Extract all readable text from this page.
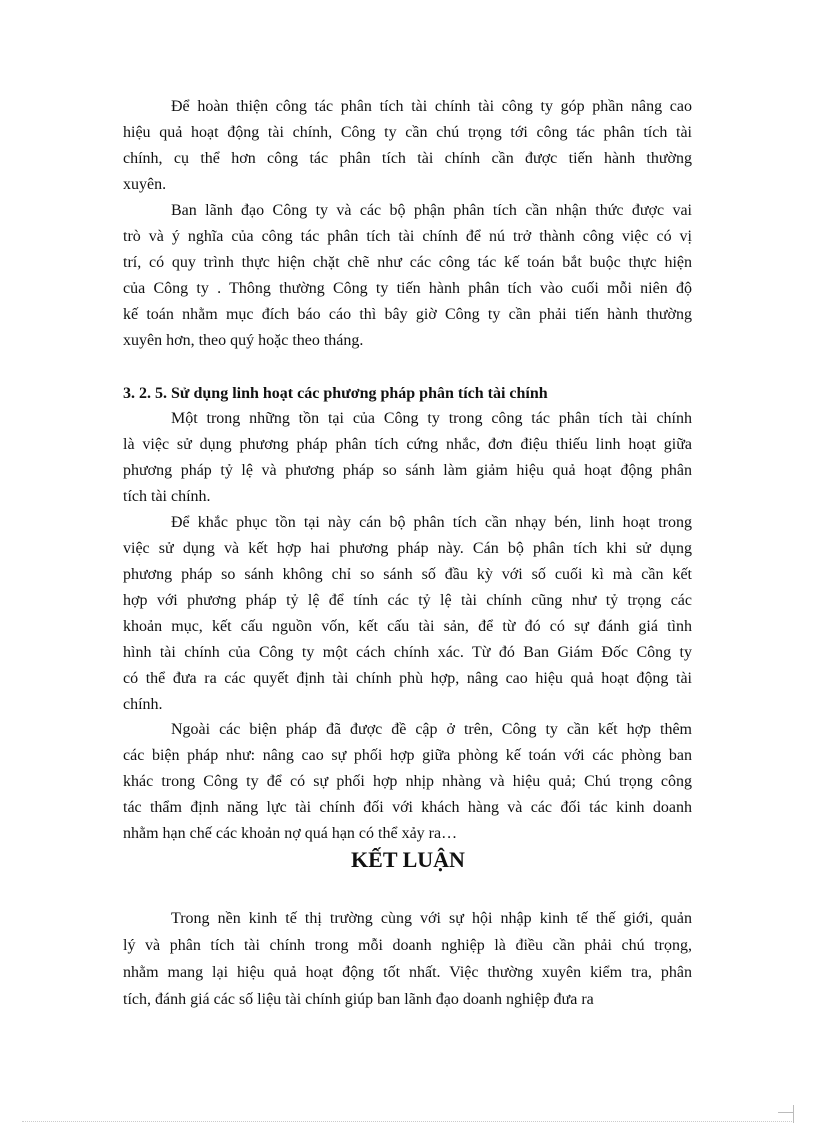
Để hoàn thiện công tác phân tích tài chính tài công ty góp phần nâng cao
hiệu quả hoạt động tài chính, Công ty cần chú trọng tới công tác phân tích tài
chính, cụ thể hơn công tác phân tích tài chính cần được tiến hành thường
xuyên.
Ban lãnh đạo Công ty và các bộ phận phân tích cần nhận thức được vai
trò và ý nghĩa của công tác phân tích tài chính để nú trở thành công việc có vị
trí, có quy trình thực hiện chặt chẽ như các công tác kế toán bắt buộc thực hiện
của Công ty . Thông thường Công ty tiến hành phân tích vào cuối mỗi niên độ
kế toán nhằm mục đích báo cáo thì bây giờ Công ty cần phải tiến hành thường
xuyên hơn, theo quý hoặc theo tháng.
3. 2. 5. Sử dụng linh hoạt các phương pháp phân tích tài chính
Một trong những tồn tại của Công ty trong công tác phân tích tài chính
là việc sử dụng phương pháp phân tích cứng nhắc, đơn điệu thiếu linh hoạt giữa
phương pháp tỷ lệ và phương pháp so sánh làm giảm hiệu quả hoạt động phân
tích tài chính.
Để khắc phục tồn tại này cán bộ phân tích cần nhạy bén, linh hoạt trong
việc sử dụng và kết hợp hai phương pháp này. Cán bộ phân tích khi sử dụng
phương pháp so sánh không chỉ so sánh số đầu kỳ với số cuối kì mà cần kết
hợp với phương pháp tỷ lệ để tính các tỷ lệ tài chính cũng như tỷ trọng các
khoản mục, kết cấu nguồn vốn, kết cấu tài sản, để từ đó có sự đánh giá tình
hình tài chính của Công ty một cách chính xác. Từ đó Ban Giám Đốc Công ty
có thể đưa ra các quyết định tài chính phù hợp, nâng cao hiệu quả hoạt động tài
chính.
Ngoài các biện pháp đã được đề cập ở trên, Công ty cần kết hợp thêm
các biện pháp như: nâng cao sự phối hợp giữa phòng kế toán với các phòng ban
khác trong Công ty để có sự phối hợp nhịp nhàng và hiệu quả; Chú trọng công
tác thẩm định năng lực tài chính đối với khách hàng và các đối tác kinh doanh
nhằm hạn chế các khoản nợ quá hạn có thể xảy ra…
KẾT LUẬN
Trong nền kinh tế thị trường cùng với sự hội nhập kinh tế thế giới, quản
lý và phân tích tài chính trong mỗi doanh nghiệp là điều cần phải chú trọng,
nhằm mang lại hiệu quả hoạt động tốt nhất. Việc thường xuyên kiểm tra, phân
tích, đánh giá các số liệu tài chính giúp ban lãnh đạo doanh nghiệp đưa ra
